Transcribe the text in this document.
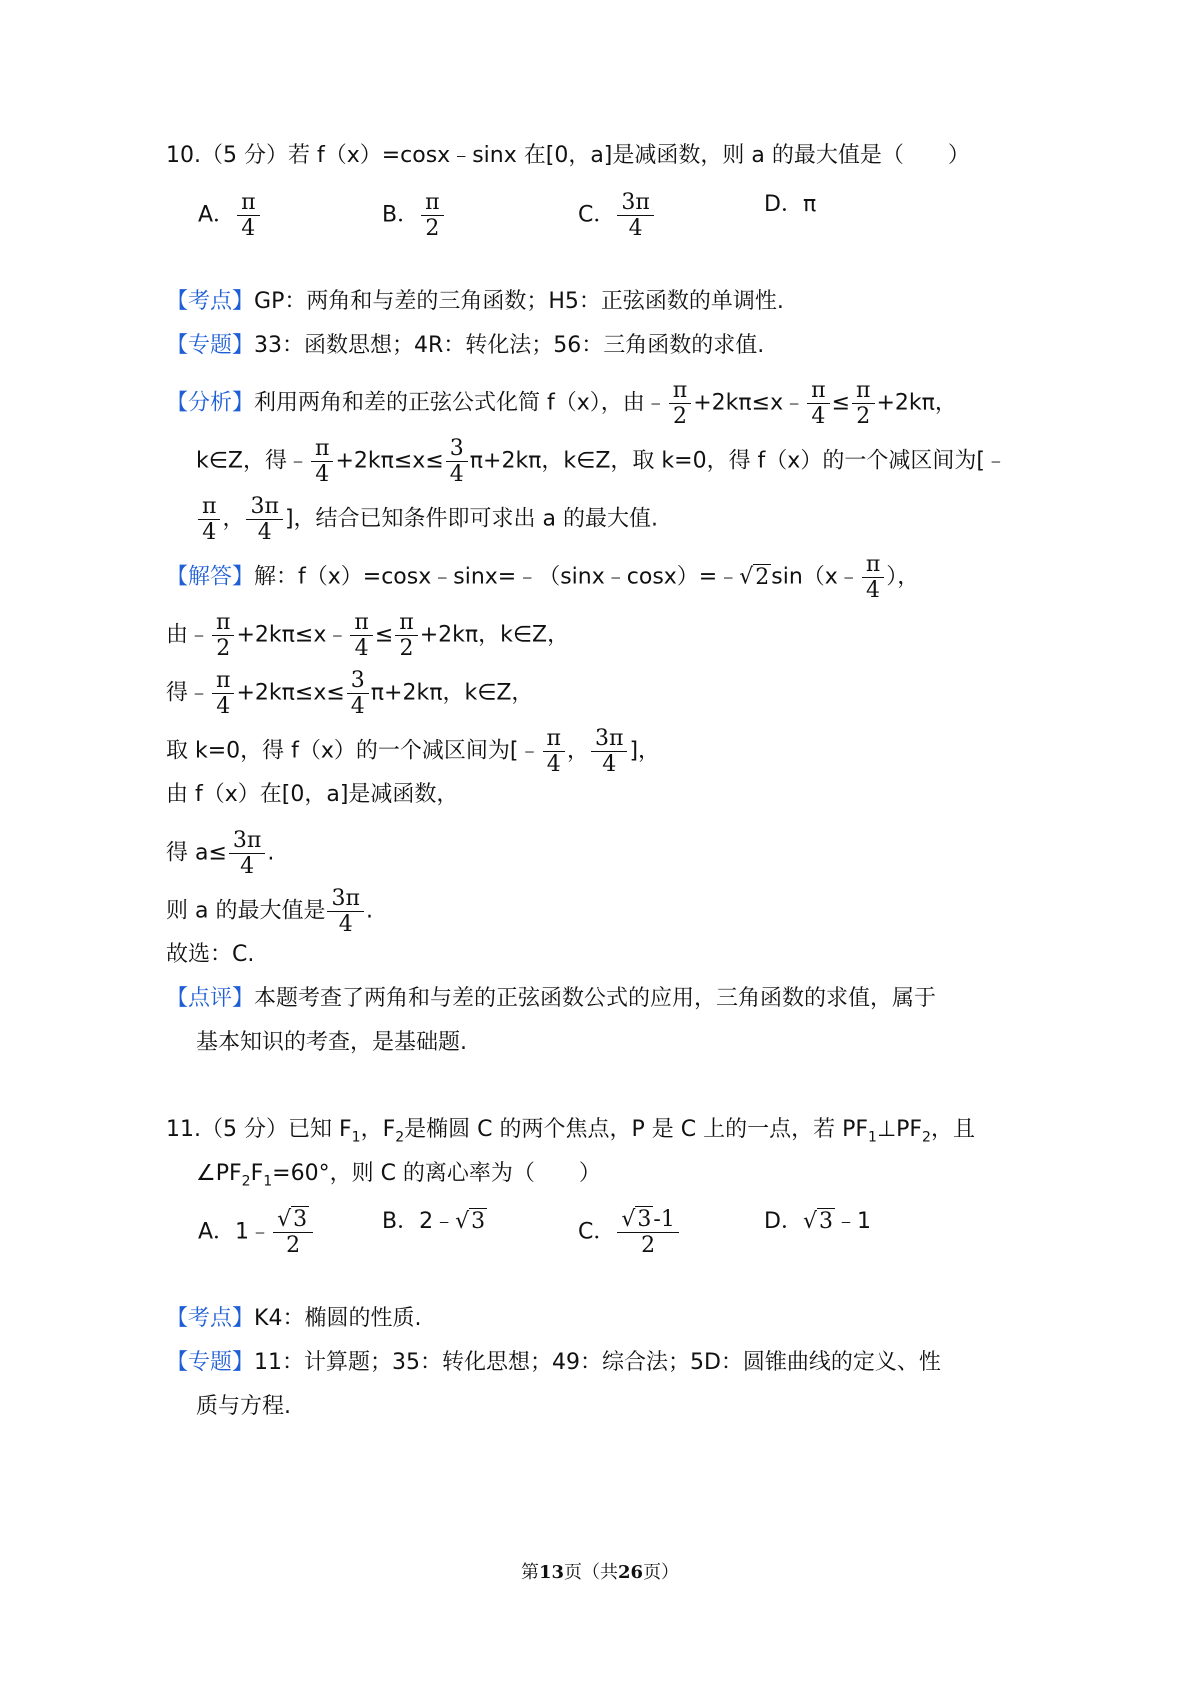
10.（5 分）若 f（x）=cosx﹣sinx 在[0，a]是减函数，则 a 的最大值是（　　）
A． $\frac{\pi}{4}$	B． $\frac{\pi}{2}$	C． $\frac{3\pi}{4}$	D．π
【考点】GP：两角和与差的三角函数；H5：正弦函数的单调性.
【专题】33：函数思想；4R：转化法；56：三角函数的求值.
【分析】利用两角和差的正弦公式化简 f（x），由﹣ $\frac{\pi}{2}$ +2kπ≤x﹣ $\frac{\pi}{4} \le \frac{\pi}{2} +2k\pi$，
k∈Z，得﹣ $\frac{\pi}{4} +2k\pi\le x\le \frac{3}{4} \pi+2k\pi$，k∈Z，取 k=0，得 f（x）的一个减区间为[﹣
$\frac{\pi}{4}$ ， $\frac{3\pi}{4}$ ]，结合已知条件即可求出 a 的最大值.
【解答】解：f（x）=cosx﹣sinx=﹣（sinx﹣cosx）=﹣√2sin（x﹣ $\frac{\pi}{4}$ ），
由﹣ $\frac{\pi}{2}$ +2kπ≤x﹣ $\frac{\pi}{4} \le \frac{\pi}{2} +2k\pi$，k∈Z，
得﹣ $\frac{\pi}{4} +2k\pi\le x\le \frac{3}{4} \pi+2k\pi$，k∈Z，
取 k=0，得 f（x）的一个减区间为[﹣ $\frac{\pi}{4}$ ， $\frac{3\pi}{4}$ ]，
由 f（x）在[0，a]是减函数，
得 $a\le \frac{3\pi}{4}$ .
则 a 的最大值是 $\frac{3\pi}{4}$ .
故选：C.
【点评】本题考查了两角和与差的正弦函数公式的应用，三角函数的求值，属于
基本知识的考查，是基础题.
11.（5 分）已知 $F_1$，$F_2$是椭圆 C 的两个焦点，P 是 C 上的一点，若 $PF_1\perp PF_2$，且
$\angle PF_2F_1=60^\circ$，则 C 的离心率为（　　）
A．1﹣ $\frac{√3}{2}$	B．2﹣√3	C． $\frac{√3-1}{2}$	D．√3﹣1
【考点】K4：椭圆的性质.
【专题】11：计算题；35：转化思想；49：综合法；5D：圆锥曲线的定义、性
质与方程.
第13页（共26页）
